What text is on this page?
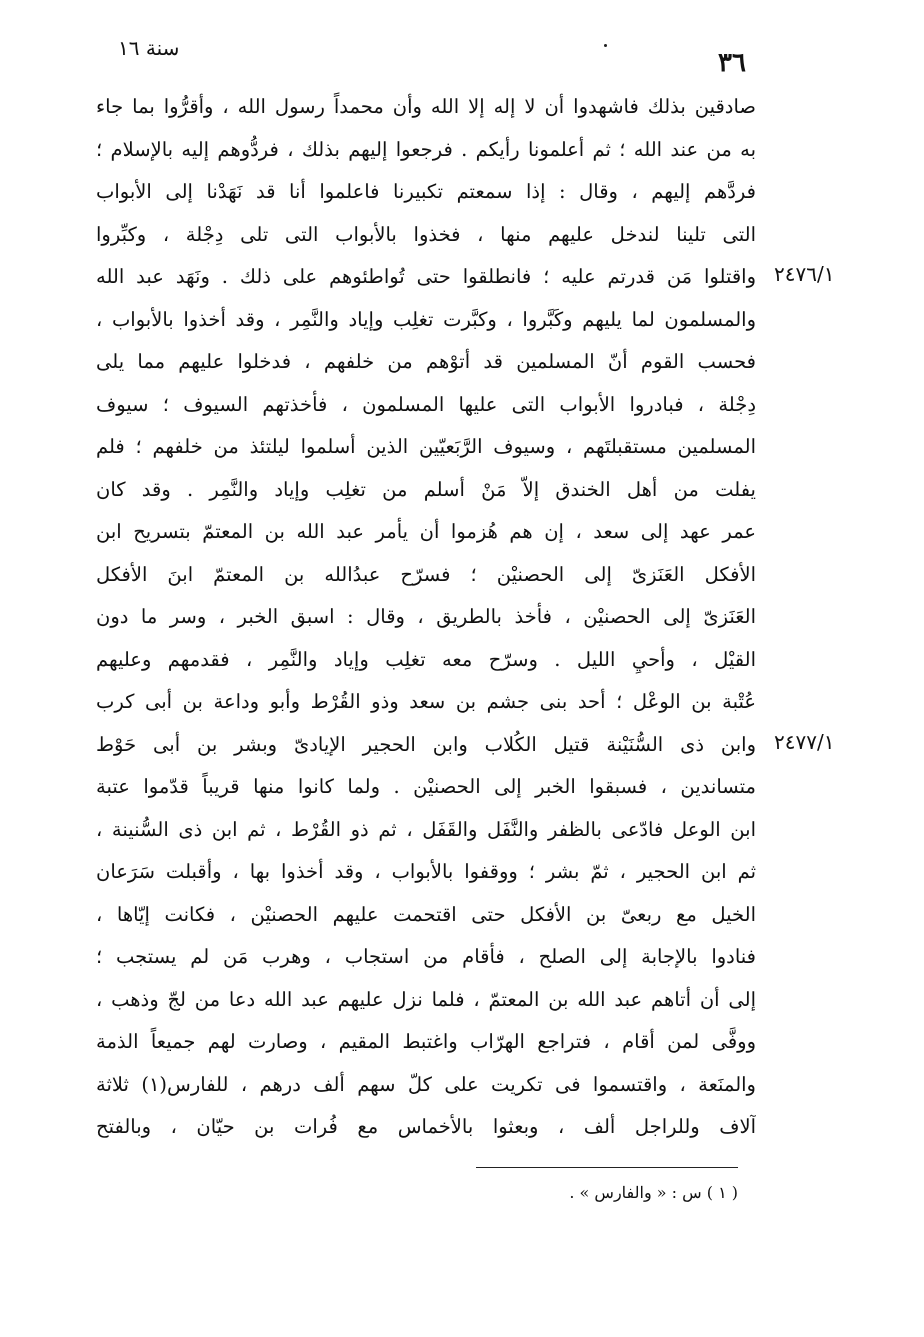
سنة ١٦	٣٦
صادقين بذلك فاشهدوا أن لا إله إلا الله وأن محمداً رسول الله ، وأقرُّوا بما جاء
به من عند الله ؛ ثم أعلمونا رأيكم . فرجعوا إليهم بذلك ، فردُّوهم إليه بالإسلام ؛
فردَّهم إليهم ، وقال : إذا سمعتم تكبيرنا فاعلموا أنا قد نَهَدْنا إلى الأبواب
التى تلينا لندخل عليهم منها ، فخذوا بالأبواب التى تلى دِجْلة ، وكبِّروا
واقتلوا مَن قدرتم عليه ؛ فانطلقوا حتى تُواطئوهم على ذلك . ونَهَد عبد الله
والمسلمون لما يليهم وكَبَّروا ، وكبَّرت تغلِب وإياد والنَّمِر ، وقد أخذوا بالأبواب ،
فحسب القوم أنّ المسلمين قد أتوْهم من خلفهم ، فدخلوا عليهم مما يلى
دِجْلة ، فبادروا الأبواب التى عليها المسلمون ، فأخذتهم السيوف ؛ سيوف
المسلمين مستقبلتَهم ، وسيوف الرَّبَعيّين الذين أسلموا ليلتئذ من خلفهم ؛ فلم
يفلت من أهل الخندق إلاّ مَنْ أسلم من تغلِب وإياد والنَّمِر . وقد كان
عمر عهد إلى سعد ، إن هم هُزموا أن يأمر عبد الله بن المعتمّ بتسريح ابن
الأفكل العَنَزىّ إلى الحصنيْن ؛ فسرّح عبدُالله بن المعتمّ ابنَ الأفكل
العَنَزىّ إلى الحصنيْن ، فأخذ بالطريق ، وقال : اسبق الخبر ، وسر ما دون
القيْل ، وأحيِ الليل . وسرّح معه تغلِب وإياد والنَّمِر ، فقدمهم وعليهم
عُتْبة بن الوعْل ؛ أحد بنى جشم بن سعد وذو القُرْط وأبو وداعة بن أبى كرب
وابن ذى السُّنَيْنة قتيل الكُلاب وابن الحجير الإيادىّ وبشر بن أبى حَوْط
متساندين ، فسبقوا الخبر إلى الحصنيْن . ولما كانوا منها قريباً قدّموا عتبة
ابن الوعل فادّعى بالظفر والنَّفَل والقَفَل ، ثم ذو القُرْط ، ثم ابن ذى السُّنينة ،
ثم ابن الحجير ، ثمّ بشر ؛ ووقفوا بالأبواب ، وقد أخذوا بها ، وأقبلت سَرَعان
الخيل مع ربعىّ بن الأفكل حتى اقتحمت عليهم الحصنيْن ، فكانت إيّاها ،
فنادوا بالإجابة إلى الصلح ، فأقام من استجاب ، وهرب مَن لم يستجب ؛
إلى أن أتاهم عبد الله بن المعتمّ ، فلما نزل عليهم عبد الله دعا من لجّ وذهب ،
ووفَّى لمن أقام ، فتراجع الهرّاب واغتبط المقيم ، وصارت لهم جميعاً الذمة
والمنَعة ، واقتسموا فى تكريت على كلّ سهم ألف درهم ، للفارس(١) ثلاثة
آلاف وللراجل ألف ، وبعثوا بالأخماس مع فُرات بن حيّان ، وبالفتح
٢٤٧٦/١
٢٤٧٧/١
( ١ ) س : « والفارس » .
